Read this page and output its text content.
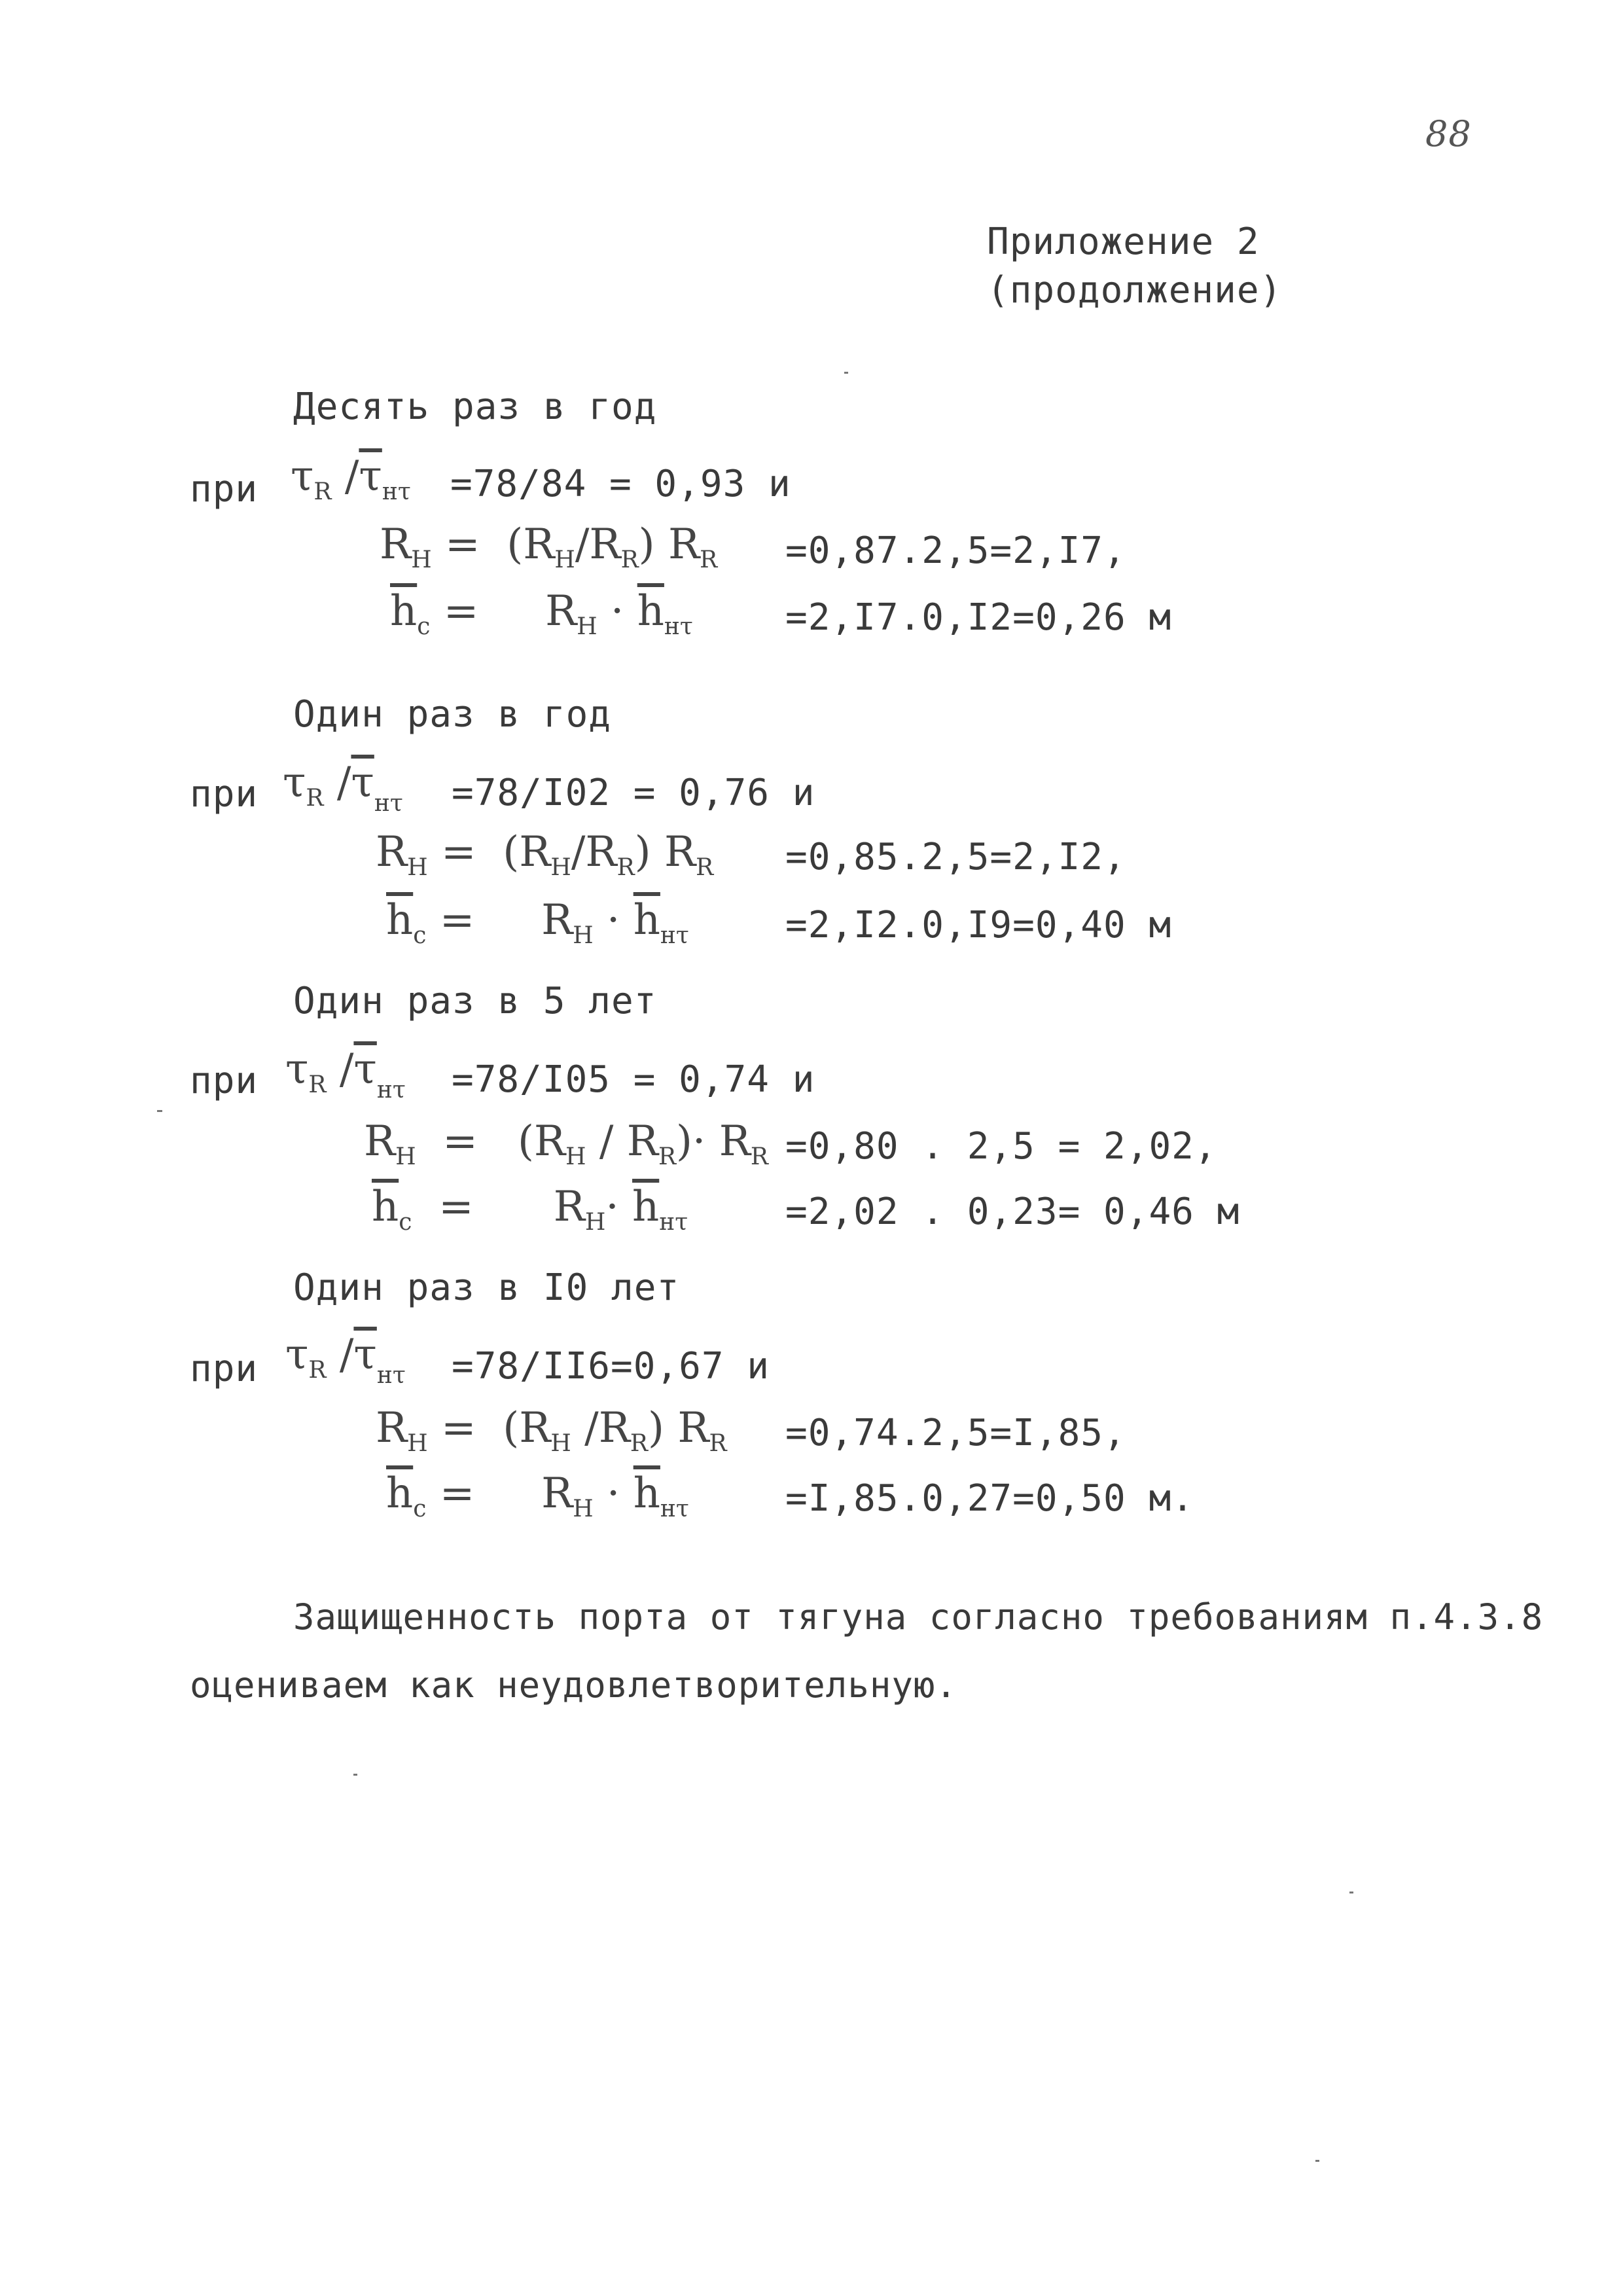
88
Приложение 2
(продолжение)
Десять раз в год
при $\tau_R$ $/\overline{\tau}_{н\tau} =78/84 = 0,93$ и
$R_Н = (R_Н/R_R)$ $R_R =0,87.2,5=2,I7$,
$\overline{h}_c$ =     $R_Н \cdot \overline{h}_{н\tau}$	=2,I7.0,I2=0,26 м
Один раз в год
при $\tau_R$ $/\overline{\tau}_{н\tau} =78/I02 = 0,76$ и
$R_Н = (R_Н/R_R)$ $R_R =0,85.2,5=2,I2$,
$\overline{h}_c$ =     $R_Н \cdot \overline{h}_{н\tau}$	=2,I2.0,I9=0,40 м
Один раз в 5 лет
при $\tau_R$ $/\overline{\tau}_{н\tau} =78/I05 = 0,74$ и
$R_Н = (R_Н / R_R)\cdot R_R =0,80$ . 2,5 = 2,02,
$\overline{h}_c$  =      $R_Н\cdot \overline{h}_{н\tau}$	=2,02 . 0,23= 0,46 м
Один раз в I0 лет
при $\tau_R$ $/\overline{\tau}_{н\tau} =78/II6=0,67$ и
$R_Н = (R_Н$ $/R_R$) $R_R =0,74.2,5=I,85$,
$\overline{h}_c$ =     $R_Н \cdot \overline{h}_{н\tau}$	=I,85.0,27=0,50 м.
Защищенность порта от тягуна согласно требованиям п.4.3.8
оцениваем как неудовлетворительную.
